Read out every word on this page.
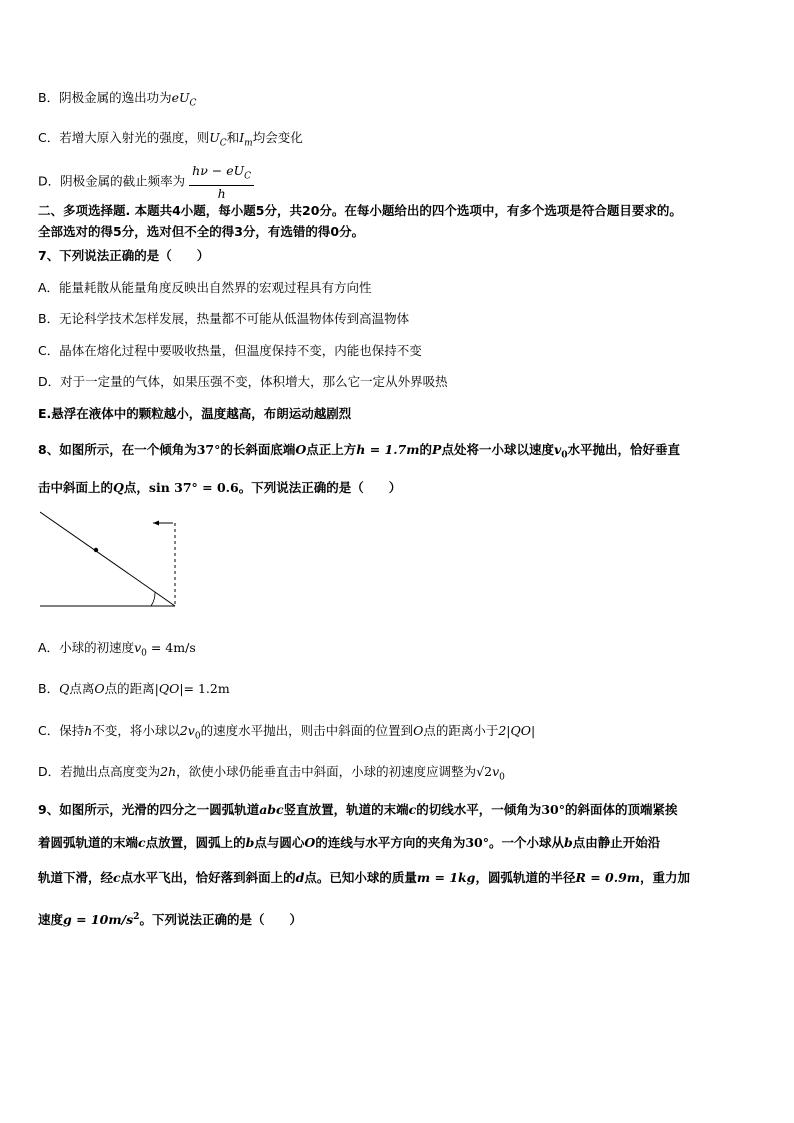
B．阴极金属的逸出功为$eU_C$
C．若增大原入射光的强度，则$U_C$和$I_m$均会变化
D．阴极金属的截止频率为 $\frac{h\nu - eU_C}{h}$
二、多项选择题. 本题共4小题，每小题5分，共20分。在每小题给出的四个选项中，有多个选项是符合题目要求的。
全部选对的得5分，选对但不全的得3分，有选错的得0分。
7、下列说法正确的是（　　）
A．能量耗散从能量角度反映出自然界的宏观过程具有方向性
B．无论科学技术怎样发展，热量都不可能从低温物体传到高温物体
C．晶体在熔化过程中要吸收热量，但温度保持不变，内能也保持不变
D．对于一定量的气体，如果压强不变，体积增大，那么它一定从外界吸热
E.悬浮在液体中的颗粒越小，温度越高，布朗运动越剧烈
8、如图所示，在一个倾角为37°的长斜面底端O点正上方h = 1.7m的P点处将一小球以速度$v_0$水平抛出，恰好垂直
击中斜面上的Q点，sin 37° = 0.6。下列说法正确的是（　　）
A．小球的初速度$v_0 = 4m/s$
B．Q点离O点的距离|QO|= 1.2m
C．保持h不变，将小球以$2v_0$的速度水平抛出，则击中斜面的位置到O点的距离小于2|QO|
D．若抛出点高度变为2h，欲使小球仍能垂直击中斜面，小球的初速度应调整为$√2v_0$
9、如图所示，光滑的四分之一圆弧轨道abc竖直放置，轨道的末端c的切线水平，一倾角为30°的斜面体的顶端紧挨
着圆弧轨道的末端c点放置，圆弧上的b点与圆心O的连线与水平方向的夹角为30°。一个小球从b点由静止开始沿
轨道下滑，经c点水平飞出，恰好落到斜面上的d点。已知小球的质量m = 1kg，圆弧轨道的半径R = 0.9m，重力加
速度$g = 10m/s^2$。下列说法正确的是（　　）
